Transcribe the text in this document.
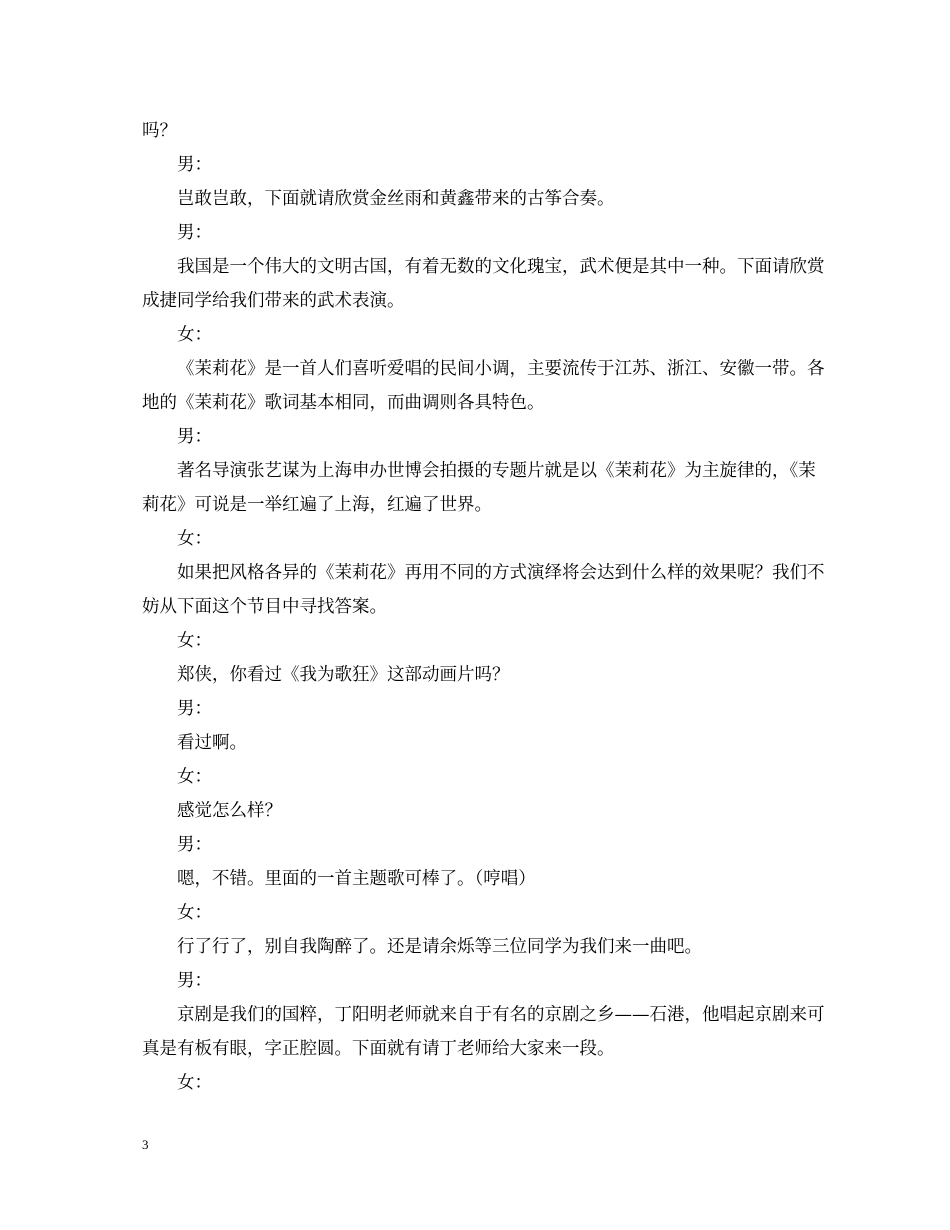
吗？

男：

岂敢岂敢，下面就请欣赏金丝雨和黄鑫带来的古筝合奏。

男：

我国是一个伟大的文明古国，有着无数的文化瑰宝，武术便是其中一种。下面请欣赏成捷同学给我们带来的武术表演。

女：

《茉莉花》是一首人们喜听爱唱的民间小调，主要流传于江苏、浙江、安徽一带。各地的《茉莉花》歌词基本相同，而曲调则各具特色。

男：

著名导演张艺谋为上海申办世博会拍摄的专题片就是以《茉莉花》为主旋律的，《茉莉花》可说是一举红遍了上海，红遍了世界。

女：

如果把风格各异的《茉莉花》再用不同的方式演绎将会达到什么样的效果呢？我们不妨从下面这个节目中寻找答案。

女：

郑侠，你看过《我为歌狂》这部动画片吗？

男：

看过啊。

女：

感觉怎么样？

男：

嗯，不错。里面的一首主题歌可棒了。（哼唱）

女：

行了行了，别自我陶醉了。还是请余烁等三位同学为我们来一曲吧。

男：

京剧是我们的国粹，丁阳明老师就来自于有名的京剧之乡——石港，他唱起京剧来可真是有板有眼，字正腔圆。下面就有请丁老师给大家来一段。

女：

3
